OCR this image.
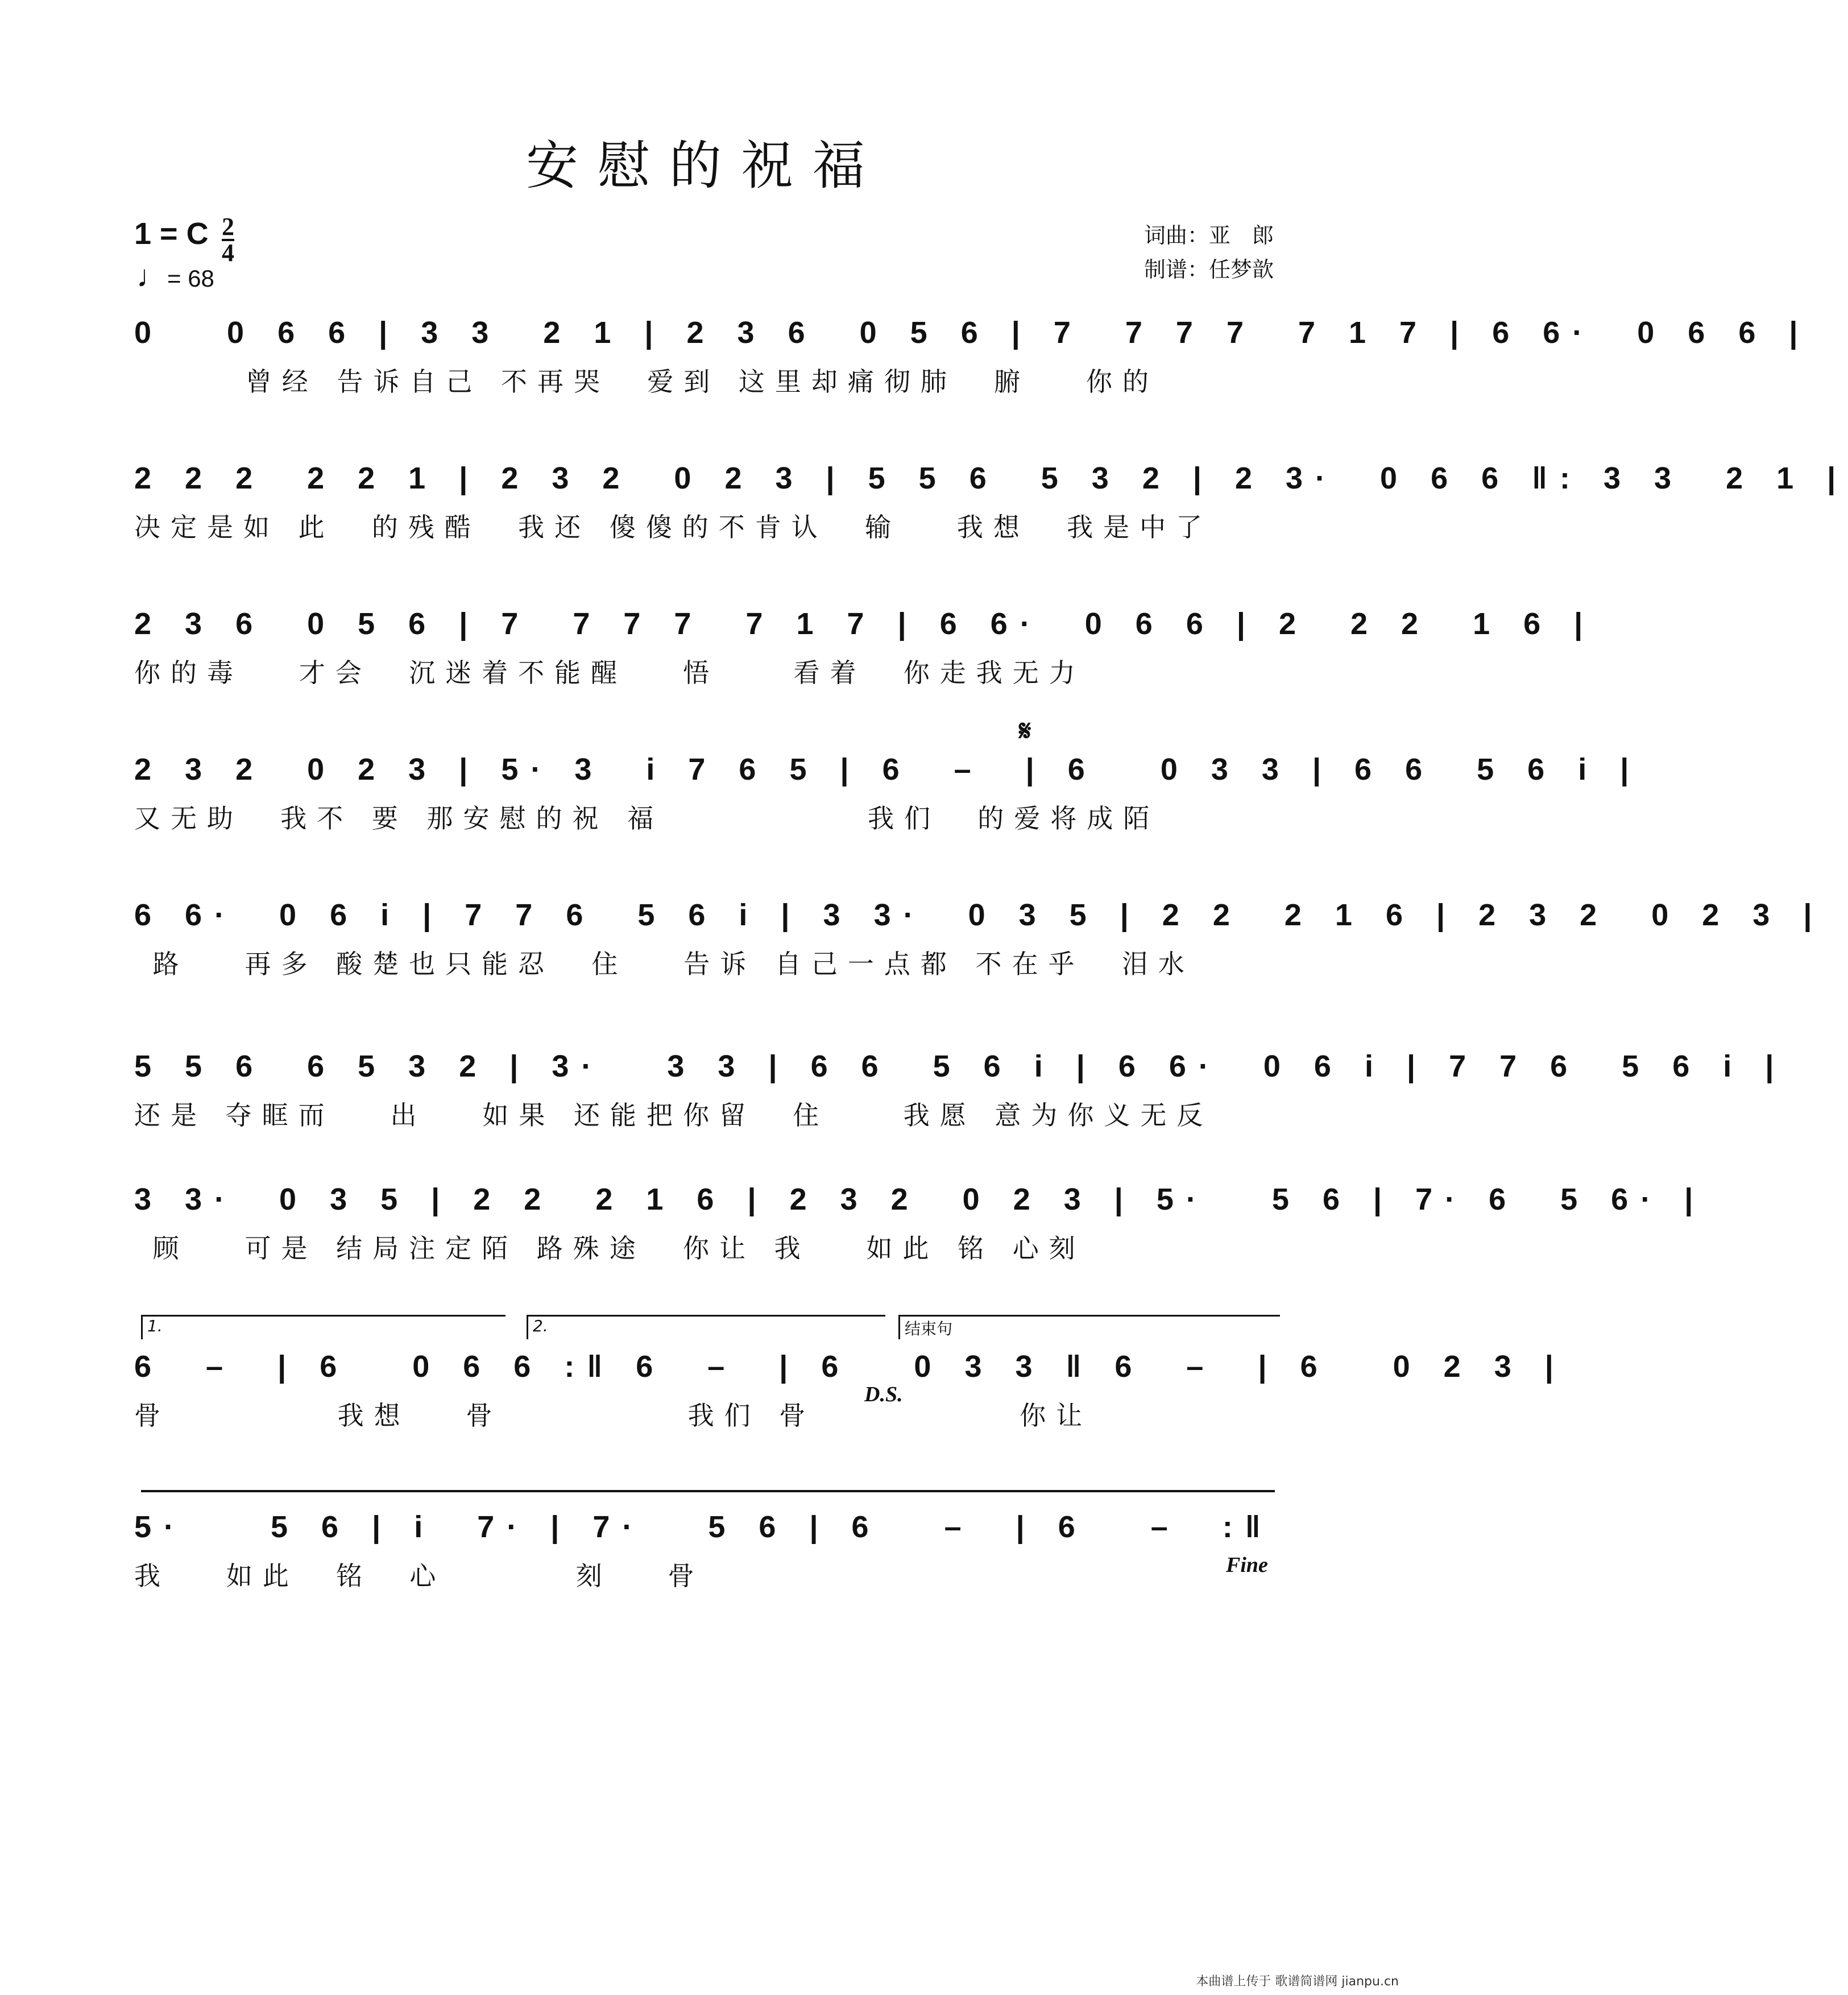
安慰的祝福
1 = C 2
4
♩= 68
词曲：亚　郎
制谱：任梦歆
0   0 6 6 | 3 3  2 1 | 2 3 6  0 5 6 | 7  7 7 7  7 1 7 | 6 6·  0 6 6 |
曾经 告诉自己 不再哭  爱到 这里却痛彻肺  腑   你的
2 2 2  2 2 1 | 2 3 2  0 2 3 | 5 5 6  5 3 2 | 2 3·  0 6 6 ‖: 3 3  2 1 |
决定是如 此  的残酷  我还 傻傻的不肯认  输   我想  我是中了
2 3 6  0 5 6 | 7  7 7 7  7 1 7 | 6 6·  0 6 6 | 2  2 2  1 6 |
你的毒   才会  沉迷着不能醒   悟    看着  你走我无力
2 3 2  0 2 3 | 5· 3  i 7 6 5 | 6  –  | 6   0 3 3 | 6 6  5 6 i |
又无助  我不 要 那安慰的祝 福           我们  的爱将成陌
6 6·  0 6 i | 7 7 6  5 6 i | 3 3·  0 3 5 | 2 2  2 1 6 | 2 3 2  0 2 3 |
路   再多 酸楚也只能忍  住   告诉 自己一点都 不在乎  泪水
5 5 6  6 5 3 2 | 3·   3 3 | 6 6  5 6 i | 6 6·  0 6 i | 7 7 6  5 6 i |
还是 夺眶而   出   如果 还能把你留  住    我愿 意为你义无反
3 3·  0 3 5 | 2 2  2 1 6 | 2 3 2  0 2 3 | 5·   5 6 | 7· 6  5 6· |
顾   可是 结局注定陌 路殊途  你让 我   如此 铭 心刻
6  –  | 6   0 6 6 :‖ 6  –  | 6   0 3 3 ‖ 6  –  | 6   0 2 3 |
骨         我想   骨          我们 骨           你让
5·    5 6 | i  7· | 7·   5 6 | 6   –  | 6   –  :‖
我   如此  铭  心       刻   骨
𝄋
D.S.
Fine
1.	2.	结束句
本曲谱上传于 歌谱简谱网 jianpu.cn
